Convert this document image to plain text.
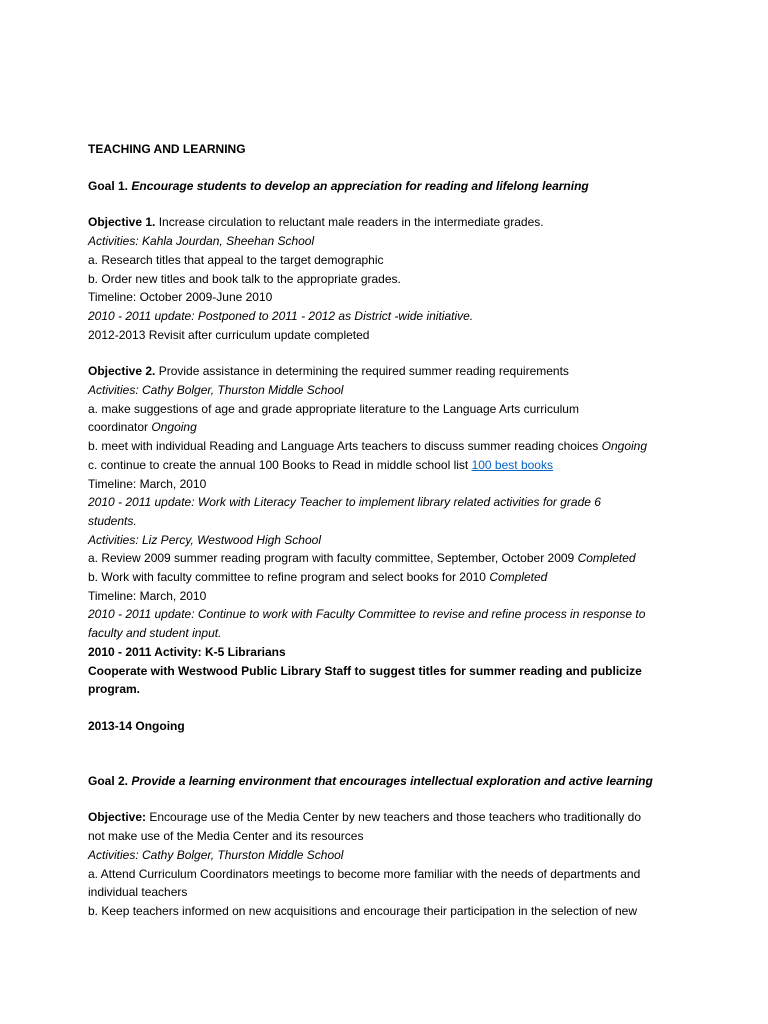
TEACHING AND LEARNING
Goal 1. Encourage students to develop an appreciation for reading and lifelong learning
Objective 1. Increase circulation to reluctant male readers in the intermediate grades.
Activities: Kahla Jourdan, Sheehan School
a. Research titles that appeal to the target demographic
b. Order new titles and book talk to the appropriate grades.
Timeline: October 2009-June 2010
2010 - 2011 update: Postponed to 2011 - 2012 as District -wide initiative.
2012-2013 Revisit after curriculum update completed
Objective 2. Provide assistance in determining the required summer reading requirements
Activities: Cathy Bolger, Thurston Middle School
a. make suggestions of age and grade appropriate literature to the Language Arts curriculum
coordinator Ongoing
b. meet with individual Reading and Language Arts teachers to discuss summer reading choices Ongoing
c. continue to create the annual 100 Books to Read in middle school list 100 best books
Timeline: March, 2010
2010 - 2011 update: Work with Literacy Teacher to implement library related activities for grade 6
students.
Activities: Liz Percy, Westwood High School
a. Review 2009 summer reading program with faculty committee, September, October 2009 Completed
b. Work with faculty committee to refine program and select books for 2010 Completed
Timeline: March, 2010
2010 - 2011 update: Continue to work with Faculty Committee to revise and refine process in response to
faculty and student input.
2010 - 2011 Activity: K-5 Librarians
Cooperate with Westwood Public Library Staff to suggest titles for summer reading and publicize
program.
2013-14 Ongoing
Goal 2. Provide a learning environment that encourages intellectual exploration and active learning
Objective: Encourage use of the Media Center by new teachers and those teachers who traditionally do
not make use of the Media Center and its resources
Activities: Cathy Bolger, Thurston Middle School
a. Attend Curriculum Coordinators meetings to become more familiar with the needs of departments and
individual teachers
b. Keep teachers informed on new acquisitions and encourage their participation in the selection of new
